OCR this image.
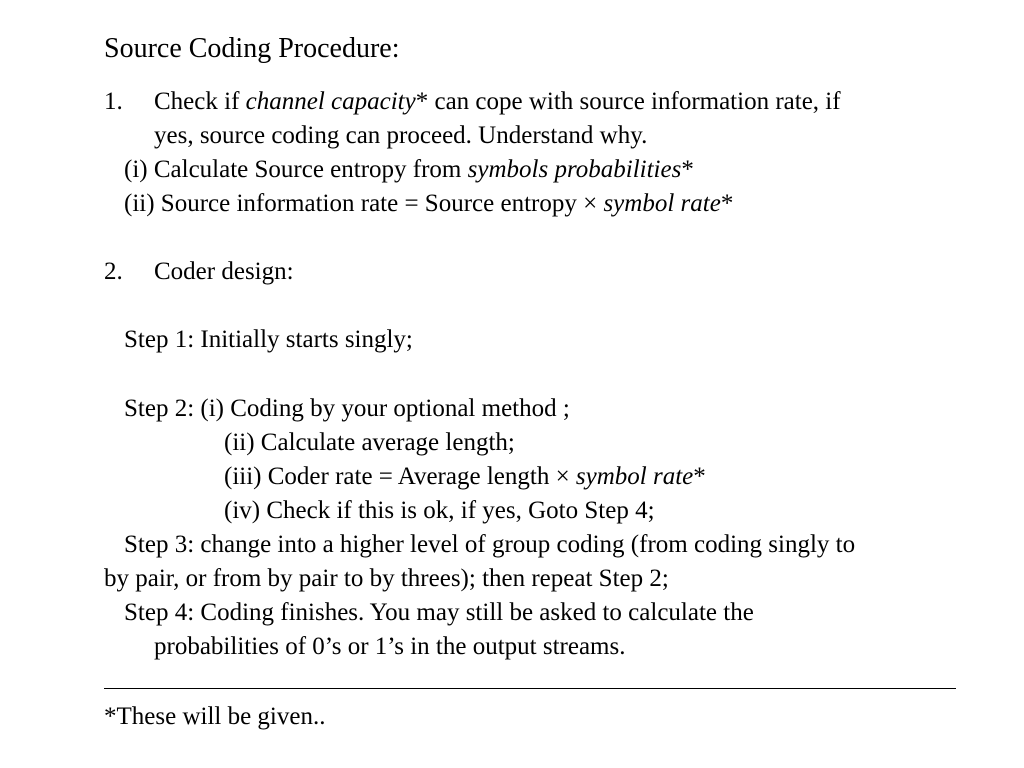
Source Coding Procedure:
1. Check if channel capacity* can cope with source information rate, if
yes, source coding can proceed. Understand why.
(i) Calculate Source entropy from symbols probabilities*
(ii) Source information rate = Source entropy × symbol rate*
2. Coder design:
Step 1: Initially starts singly;
Step 2: (i) Coding by your optional method ;
(ii) Calculate average length;
(iii) Coder rate = Average length × symbol rate*
(iv) Check if this is ok, if yes, Goto Step 4;
Step 3: change into a higher level of group coding (from coding singly to
by pair, or from by pair to by threes); then repeat Step 2;
Step 4: Coding finishes. You may still be asked to calculate the
probabilities of 0’s or 1’s in the output streams.
*These will be given..
